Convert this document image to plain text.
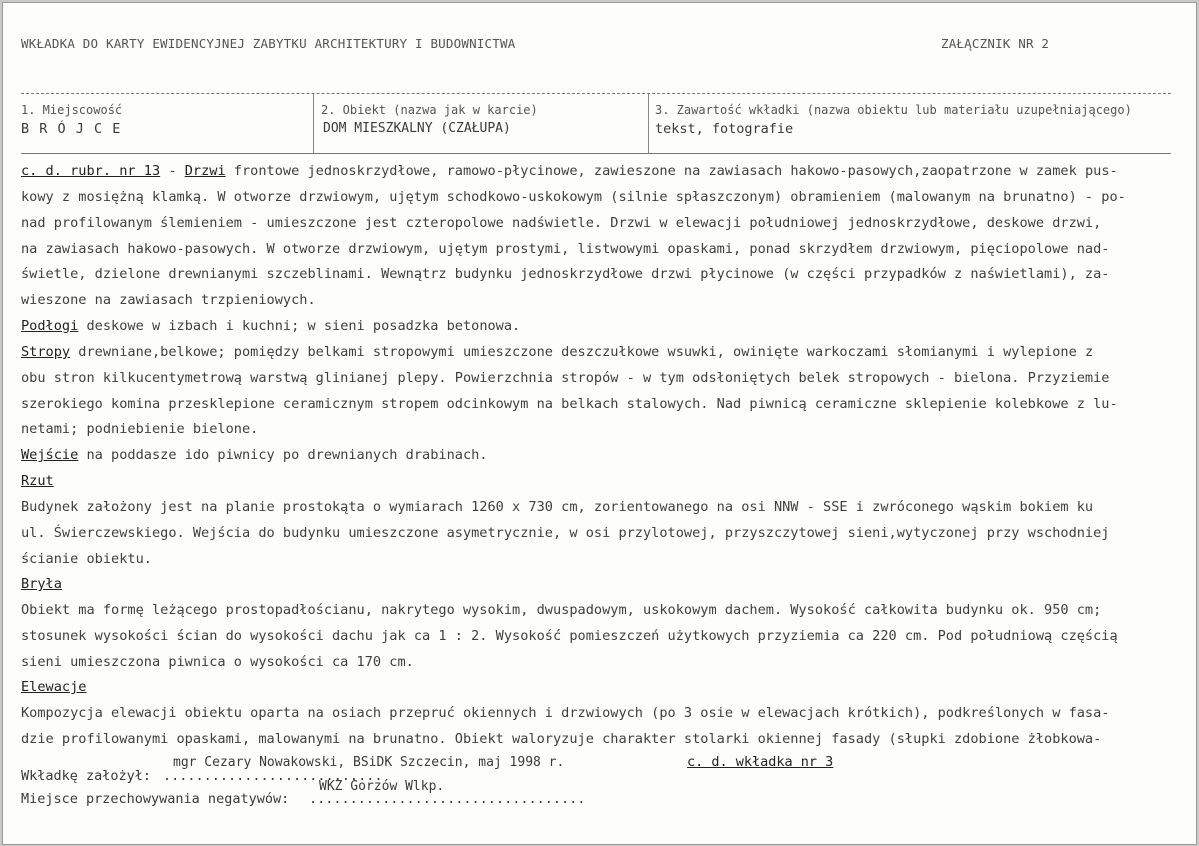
WKŁADKA DO KARTY EWIDENCYJNEJ ZABYTKU ARCHITEKTURY I BUDOWNICTWA	ZAŁĄCZNIK NR 2
1. Miejscowość
B R Ó J C E
2. Obiekt (nazwa jak w karcie)
DOM MIESZKALNY (CZAŁUPA)
3. Zawartość wkładki (nazwa obiektu lub materiału uzupełniającego)
tekst, fotografie
c. d. rubr. nr 13 - Drzwi frontowe jednoskrzydłowe, ramowo-płycinowe, zawieszone na zawiasach hakowo-pasowych,zaopatrzone w zamek pus-
kowy z mosiężną klamką. W otworze drzwiowym, ujętym schodkowo-uskokowym (silnie spłaszczonym) obramieniem (malowanym na brunatno) - po-
nad profilowanym ślemieniem - umieszczone jest czteropolowe nadświetle. Drzwi w elewacji południowej jednoskrzydłowe, deskowe drzwi,
na zawiasach hakowo-pasowych. W otworze drzwiowym, ujętym prostymi, listwowymi opaskami, ponad skrzydłem drzwiowym, pięciopolowe nad-
świetle, dzielone drewnianymi szczeblinami. Wewnątrz budynku jednoskrzydłowe drzwi płycinowe (w części przypadków z naświetlami), za-
wieszone na zawiasach trzpieniowych.
Podłogi deskowe w izbach i kuchni; w sieni posadzka betonowa.
Stropy drewniane,belkowe; pomiędzy belkami stropowymi umieszczone deszczułkowe wsuwki, owinięte warkoczami słomianymi i wylepione z
obu stron kilkucentymetrową warstwą glinianej plepy. Powierzchnia stropów - w tym odsłoniętych belek stropowych - bielona. Przyziemie
szerokiego komina przesklepione ceramicznym stropem odcinkowym na belkach stalowych. Nad piwnicą ceramiczne sklepienie kolebkowe z lu-
netami; podniebienie bielone.
Wejście na poddasze ido piwnicy po drewnianych drabinach.
Rzut
Budynek założony jest na planie prostokąta o wymiarach 1260 x 730 cm, zorientowanego na osi NNW - SSE i zwróconego wąskim bokiem ku
ul. Świerczewskiego. Wejścia do budynku umieszczone asymetrycznie, w osi przylotowej, przyszczytowej sieni,wytyczonej przy wschodniej
ścianie obiektu.
Bryła
Obiekt ma formę leżącego prostopadłościanu, nakrytego wysokim, dwuspadowym, uskokowym dachem. Wysokość całkowita budynku ok. 950 cm;
stosunek wysokości ścian do wysokości dachu jak ca 1 : 2. Wysokość pomieszczeń użytkowych przyziemia ca 220 cm. Pod południową częścią
sieni umieszczona piwnica o wysokości ca 170 cm.
Elewacje
Kompozycja elewacji obiektu oparta na osiach przepruć okiennych i drzwiowych (po 3 osie w elewacjach krótkich), podkreślonych w fasa-
dzie profilowanymi opaskami, malowanymi na brunatno. Obiekt waloryzuje charakter stolarki okiennej fasady (słupki zdobione żłobkowa-
mgr Cezary Nowakowski, BSiDK Szczecin, maj 1998 r.
Wkładkę założył: ...........................
c. d. wkładka nr 3
WKZ Gorzów Wlkp.
Miejsce przechowywania negatywów: ..................................
